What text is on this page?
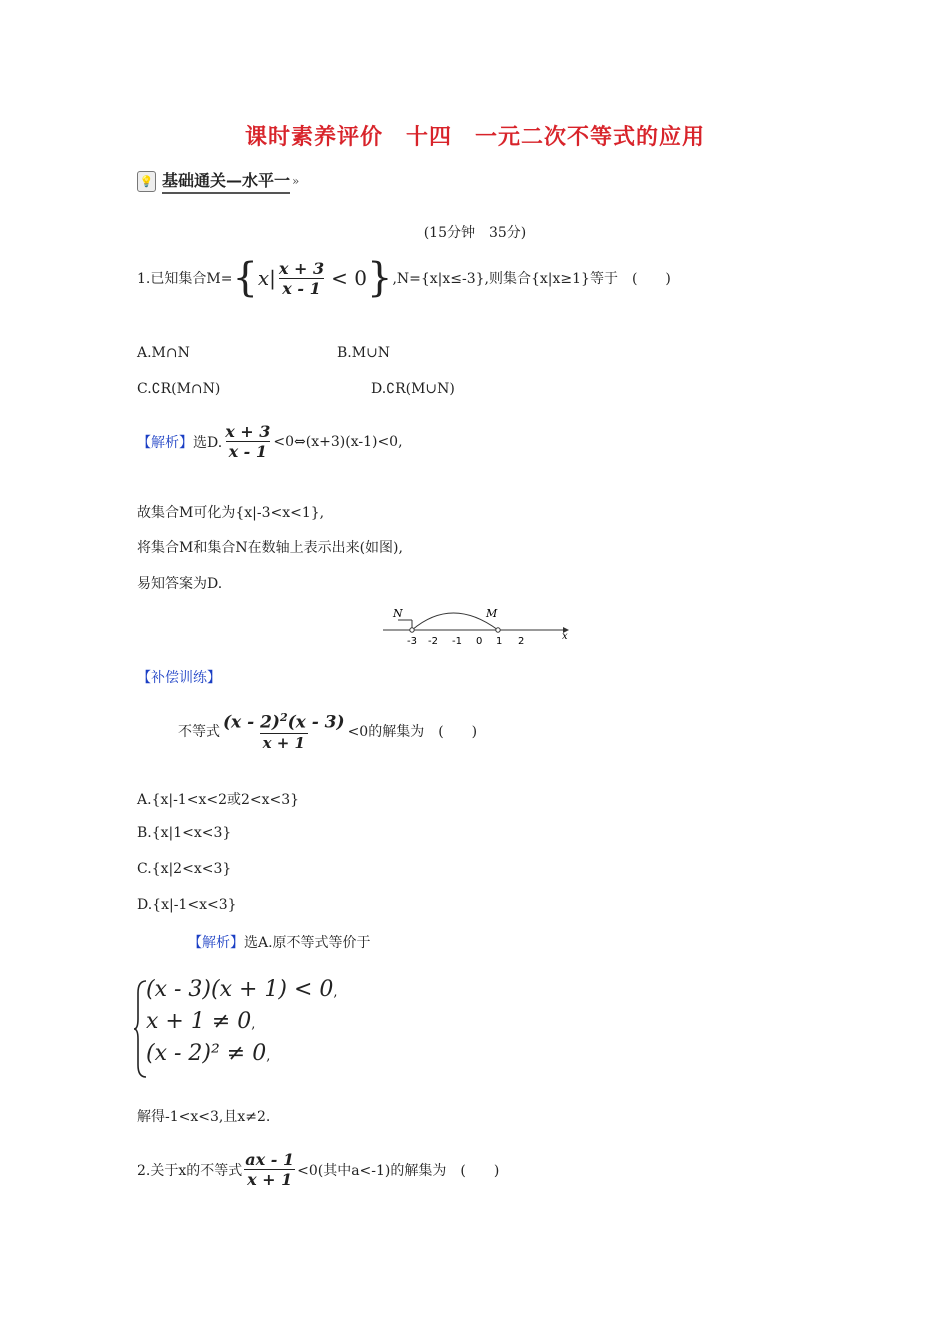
课时素养评价　十四　一元二次不等式的应用
💡 基础通关—水平一 »
(15分钟　35分)
1.已知集合M= { $x| \frac{x + 3}{x - 1} < 0$ } ,N={x|x≤-3},则集合{x|x≥1}等于　(　　)
A.M∩N	B.M∪N
C.∁R(M∩N)	D.∁R(M∪N)
【解析】 选D. $\frac{x + 3}{x - 1}$ <0⇔(x+3)(x-1)<0,
故集合M可化为{x|-3<x<1},
将集合M和集合N在数轴上表示出来(如图),
易知答案为D.
N	M
x
-3 -2 -1 0 1 2
【补偿训练】
不等式 $\frac{(x - 2)^2(x - 3)}{x + 1} <0$的解集为　(　　)
A.{x|-1<x<2或2<x<3}
B.{x|1<x<3}
C.{x|2<x<3}
D.{x|-1<x<3}
【解析】选A.原不等式等价于
(x - 3)(x + 1) < 0,
x + 1 ≠ 0,
(x - 2)² ≠ 0,
解得-1<x<3,且x≠2.
2.关于x的不等式 $\frac{ax - 1}{x + 1} <0$(其中a<-1)的解集为　(　　)
